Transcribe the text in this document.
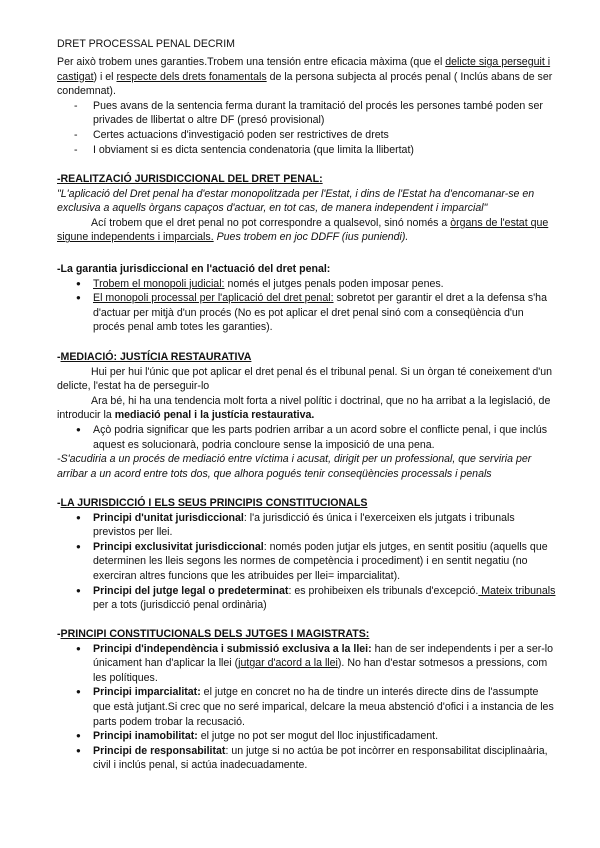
DRET PROCESSAL PENAL DECRIM

Per això trobem unes garanties.Trobem una tensión entre eficacia màxima (que el delicte siga perseguit i castigat) i el respecte dels drets fonamentals de la persona subjecta al procés penal ( Inclús abans de ser condemnat).

- Pues avans de la sentencia ferma durant la tramitació del procés les persones també poden ser privades de llibertat o altre DF (presó provisional)
- Certes actuacions d'investigació poden ser restrictives de drets
- I obviament si es dicta sentencia condenatoria (que limita la llibertat)

-REALITZACIÓ JURISDICCIONAL DEL DRET PENAL:

"L'aplicació del Dret penal ha d'estar monopolitzada per l'Estat, i dins de l'Estat ha d'encomanar-se en exclusiva a aquells òrgans capaços d'actuar, en tot cas, de manera independent i imparcial"

Ací trobem que el dret penal no pot correspondre a qualsevol, sinó només a òrgans de l'estat que sigune independents i imparcials. Pues trobem en joc DDFF (ius puniendi).

-La garantia jurisdiccional en l'actuació del dret penal:

● Trobem el monopoli judicial: només el jutges penals poden imposar penes.
● El monopoli processal per l'aplicació del dret penal: sobretot per garantir el dret a la defensa s'ha d'actuar per mitjà d'un procés (No es pot aplicar el dret penal sinó com a conseqüència d'un procés penal amb totes les garanties).

-MEDIACIÓ: JUSTÍCIA RESTAURATIVA

Hui per hui l'únic que pot aplicar el dret penal és el tribunal penal. Si un òrgan té coneixement d'un delicte, l'estat ha de perseguir-lo

Ara bé, hi ha una tendencia molt forta a nivel polític i doctrinal, que no ha arribat a la legislació, de introducir la mediació penal i la justícia restaurativa.

● Açò podria significar que les parts podrien arribar a un acord sobre el conflicte penal, i que inclús aquest es solucionarà, podria concloure sense la imposició de una pena.

-S'acudiria a un procés de mediació entre víctima i acusat, dirigit per un professional, que serviria per arribar a un acord entre tots dos, que alhora pogués tenir conseqüències processals i penals

-LA JURISDICCIÓ I ELS SEUS PRINCIPIS CONSTITUCIONALS

● Principi d'unitat jurisdiccional: l'a jurisdicció és única i l'exerceixen els jutgats i tribunals previstos per llei.
● Principi exclusivitat jurisdiccional: només poden jutjar els jutges, en sentit positiu (aquells que determinen les lleis segons les normes de competència i procediment) i en sentit negatiu (no exerciran altres funcions que les atribuides per llei= imparcialitat).
● Principi del jutge legal o predeterminat: es prohibeixen els tribunals d'excepció. Mateix tribunals per a tots (jurisdicció penal ordinària)

-PRINCIPI CONSTITUCIONALS DELS JUTGES I MAGISTRATS:

● Principi d'independència i submissió exclusiva a la llei: han de ser independents i per a ser-lo únicament han d'aplicar la llei (jutgar d'acord a la llei). No han d'estar sotmesos a pressions, com les polítiques.
● Principi imparcialitat: el jutge en concret no ha de tindre un interés directe dins de l'assumpte que està jutjant.Si crec que no seré imparical, delcare la meua abstenció d'ofici i a instancia de les parts podem trobar la recusació.
● Principi inamobilitat: el jutge no pot ser mogut del lloc injustificadament.
● Principi de responsabilitat: un jutge si no actúa be pot incòrrer en responsabilitat disciplinaària, civil i inclús penal, si actúa inadecuadamente.
